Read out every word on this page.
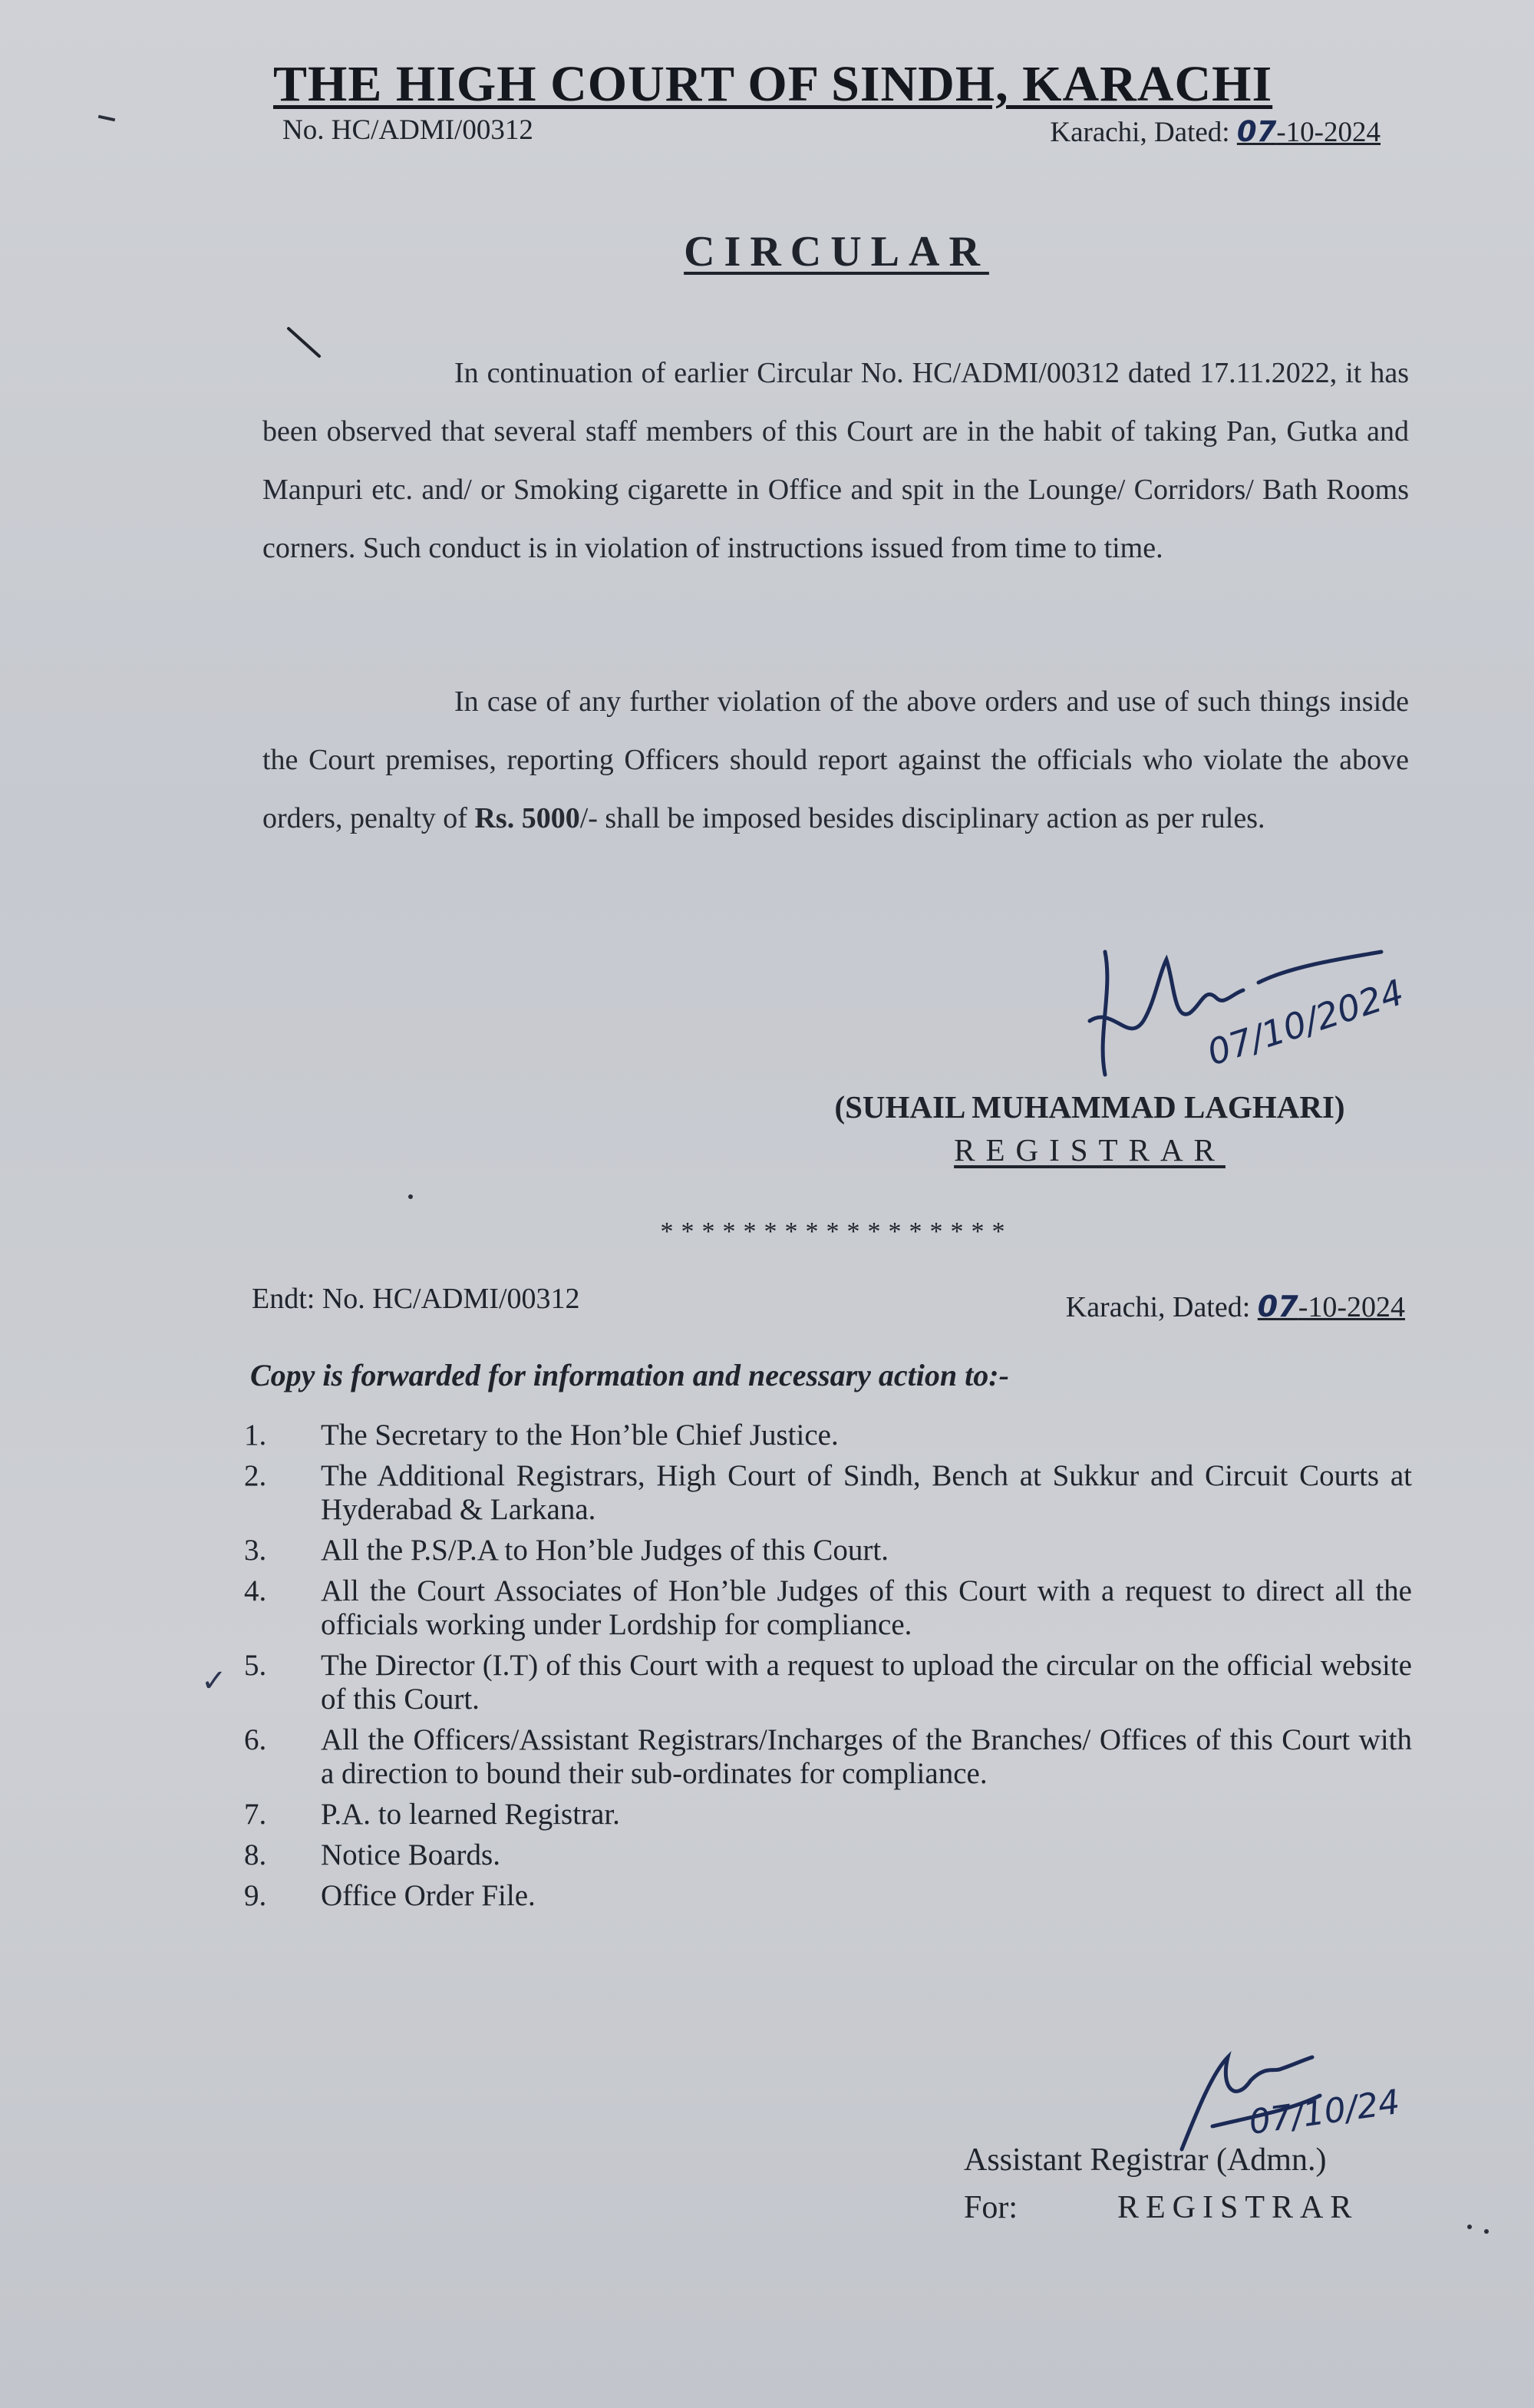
THE HIGH COURT OF SINDH, KARACHI
No. HC/ADMI/00312	Karachi, Dated: 07-10-2024
CIRCULAR
In continuation of earlier Circular No. HC/ADMI/00312 dated 17.11.2022, it has been observed that several staff members of this Court are in the habit of taking Pan, Gutka and Manpuri etc. and/ or Smoking cigarette in Office and spit in the Lounge/ Corridors/ Bath Rooms corners. Such conduct is in violation of instructions issued from time to time.
In case of any further violation of the above orders and use of such things inside the Court premises, reporting Officers should report against the officials who violate the above orders, penalty of Rs. 5000/- shall be imposed besides disciplinary action as per rules.
07/10/2024
(SUHAIL MUHAMMAD LAGHARI)
REGISTRAR
*****************
Endt: No. HC/ADMI/00312	Karachi, Dated: 07-10-2024
Copy is forwarded for information and necessary action to:-
✓
1.	The Secretary to the Hon’ble Chief Justice.
2.	The Additional Registrars, High Court of Sindh, Bench at Sukkur and Circuit Courts at Hyderabad & Larkana.
3.	All the P.S/P.A to Hon’ble Judges of this Court.
4.	All the Court Associates of Hon’ble Judges of this Court with a request to direct all the officials working under Lordship for compliance.
5.	The Director (I.T) of this Court with a request to upload the circular on the official website of this Court.
6.	All the Officers/Assistant Registrars/Incharges of the Branches/ Offices of this Court with a direction to bound their sub-ordinates for compliance.
7.	P.A. to learned Registrar.
8.	Notice Boards.
9.	Office Order File.
07/10/24
Assistant Registrar (Admn.)
For:	REGISTRAR
